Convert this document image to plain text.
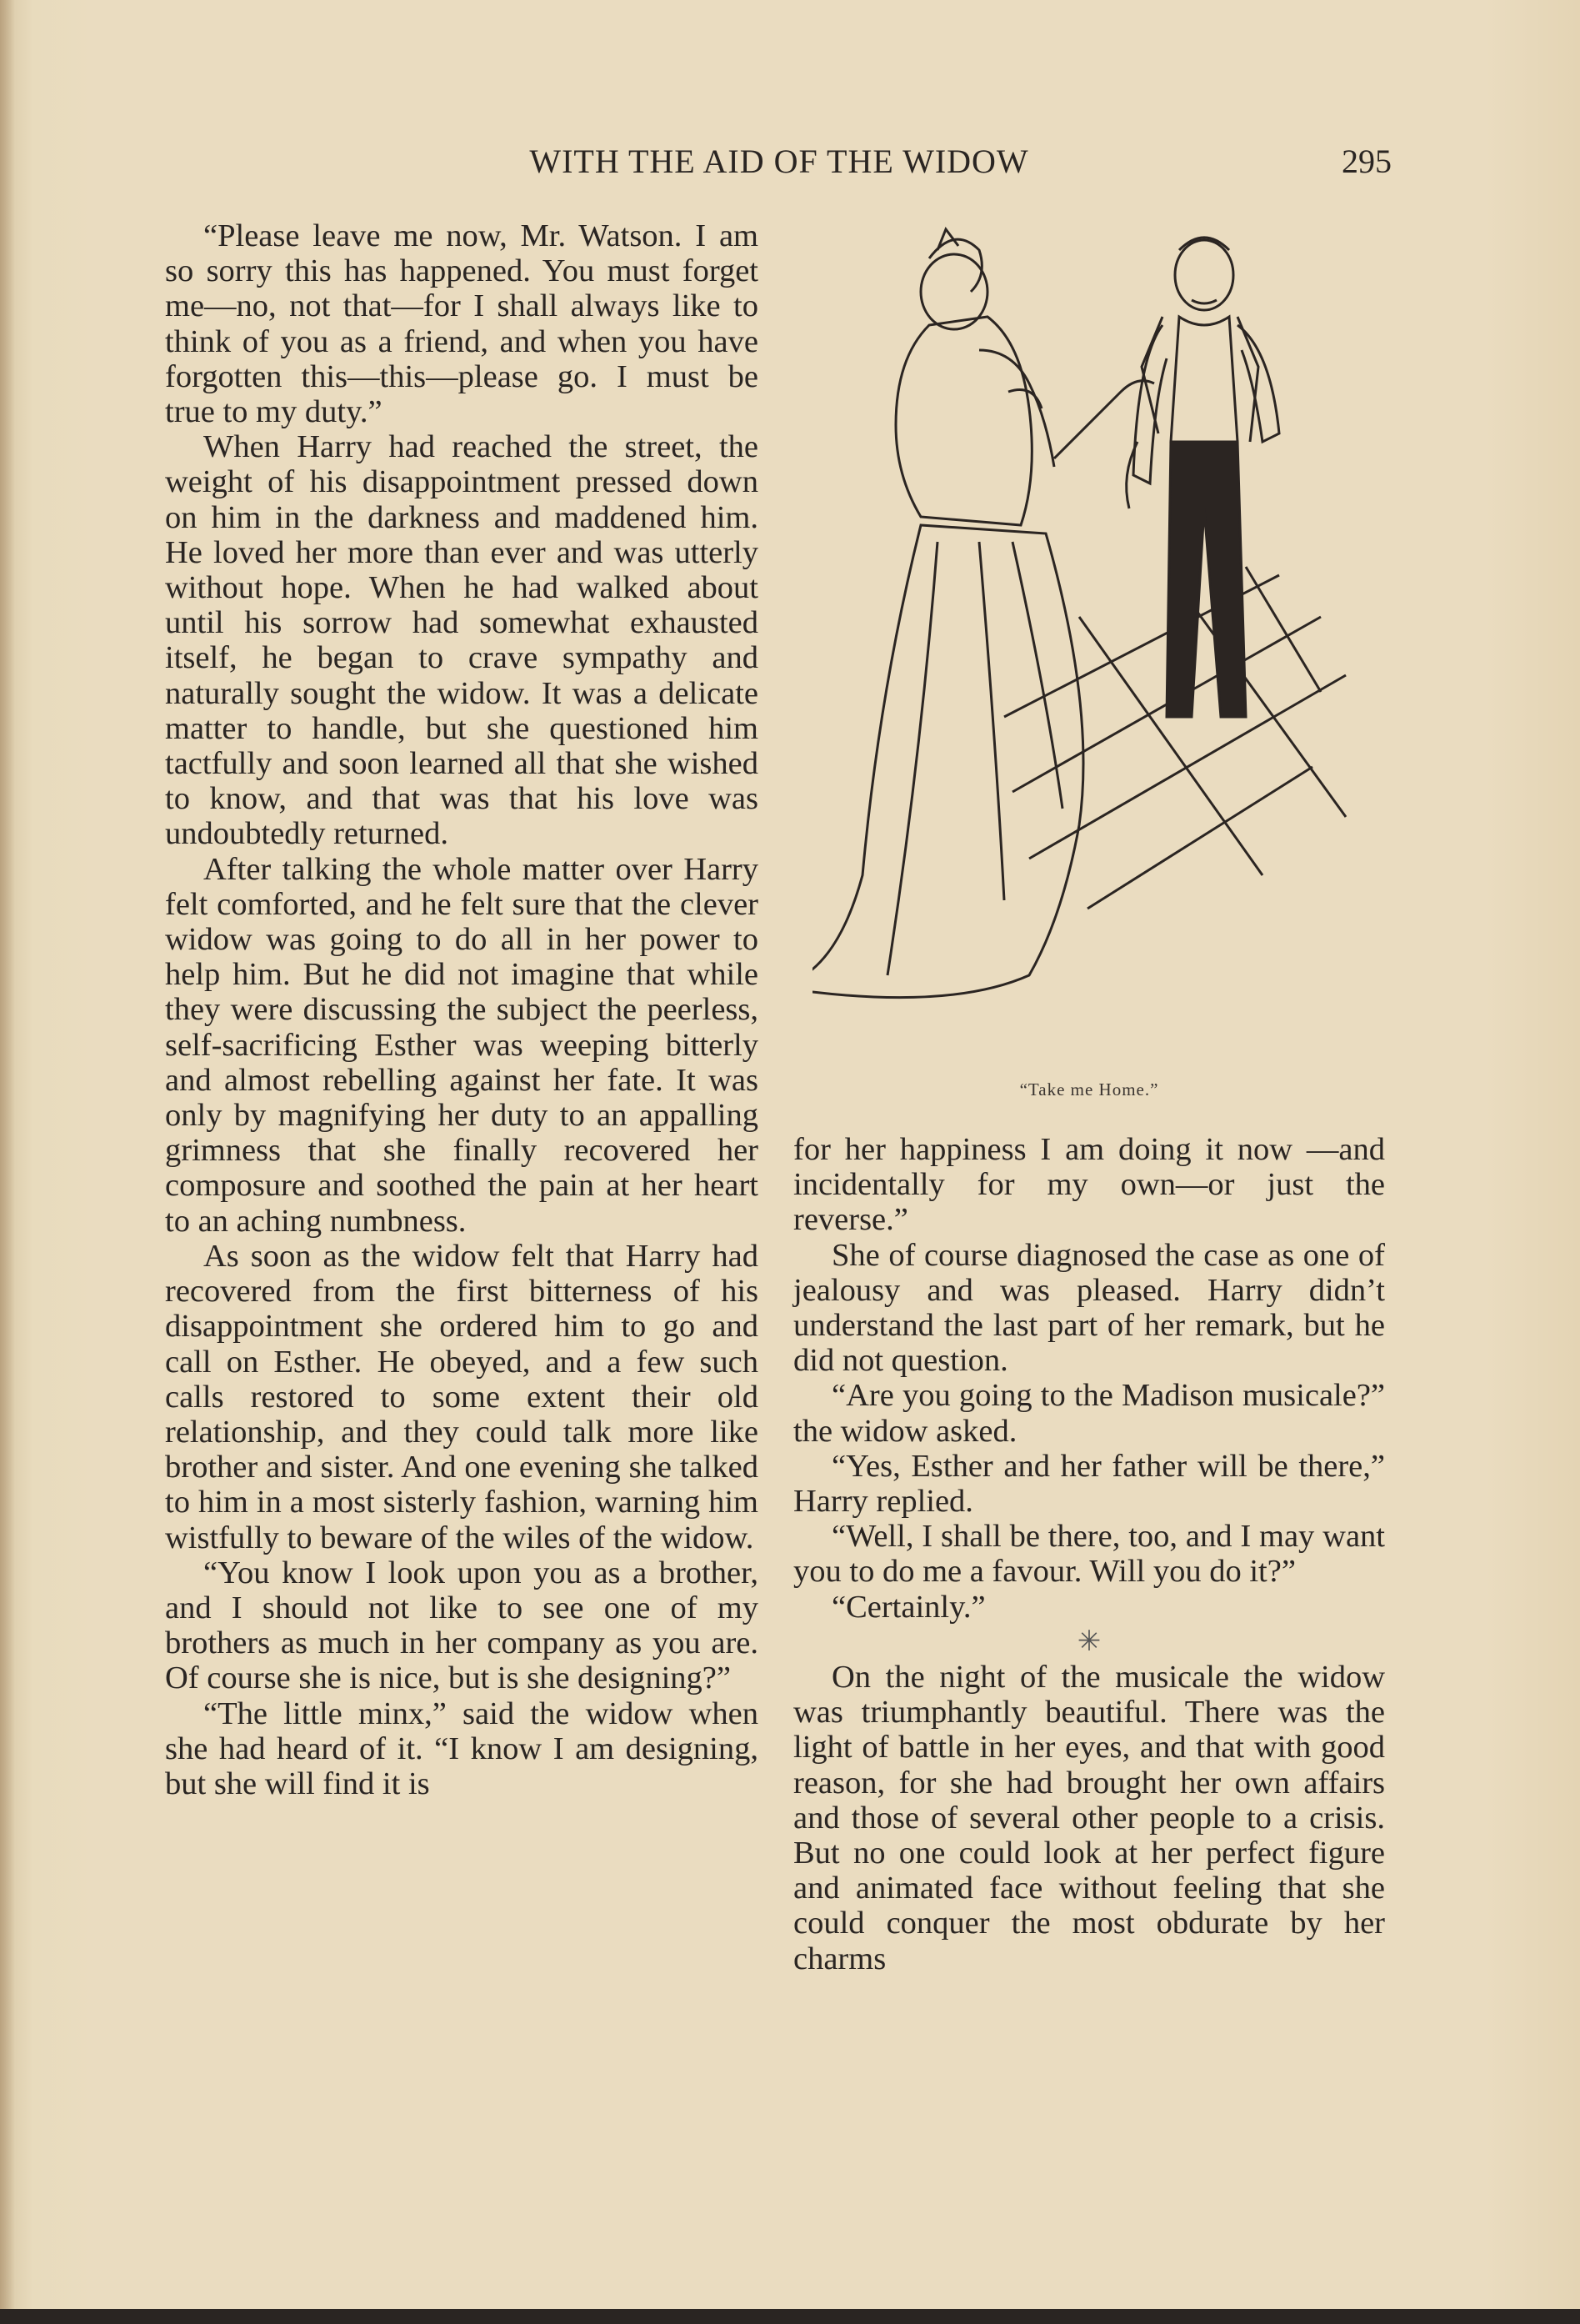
WITH THE AID OF THE WIDOW	295

“Please leave me now, Mr. Watson. I am so sorry this has happened. You must forget me—no, not that—for I shall always like to think of you as a friend, and when you have forgotten this—this—please go. I must be true to my duty.”

When Harry had reached the street, the weight of his disappointment pressed down on him in the darkness and maddened him. He loved her more than ever and was utterly without hope. When he had walked about until his sorrow had somewhat exhausted itself, he began to crave sympathy and naturally sought the widow. It was a delicate matter to handle, but she questioned him tactfully and soon learned all that she wished to know, and that was that his love was undoubtedly returned.

After talking the whole matter over Harry felt comforted, and he felt sure that the clever widow was going to do all in her power to help him. But he did not imagine that while they were discussing the subject the peerless, self-sacrificing Esther was weeping bitterly and almost rebelling against her fate. It was only by magnifying her duty to an appalling grimness that she finally recovered her composure and soothed the pain at her heart to an aching numbness.

As soon as the widow felt that Harry had recovered from the first bitterness of his disappointment she ordered him to go and call on Esther. He obeyed, and a few such calls restored to some extent their old relationship, and they could talk more like brother and sister. And one evening she talked to him in a most sisterly fashion, warning him wistfully to beware of the wiles of the widow.

“You know I look upon you as a brother, and I should not like to see one of my brothers as much in her company as you are. Of course she is nice, but is she designing?”

“The little minx,” said the widow when she had heard of it. “I know I am designing, but she will find it is

“Take me Home.”

for her happiness I am doing it now —and incidentally for my own—or just the reverse.”

She of course diagnosed the case as one of jealousy and was pleased. Harry didn’t understand the last part of her remark, but he did not question.

“Are you going to the Madison musicale?” the widow asked.

“Yes, Esther and her father will be there,” Harry replied.

“Well, I shall be there, too, and I may want you to do me a favour. Will you do it?”

“Certainly.”

✳

On the night of the musicale the widow was triumphantly beautiful. There was the light of battle in her eyes, and that with good reason, for she had brought her own affairs and those of several other people to a crisis. But no one could look at her perfect figure and animated face without feeling that she could conquer the most obdurate by her charms
